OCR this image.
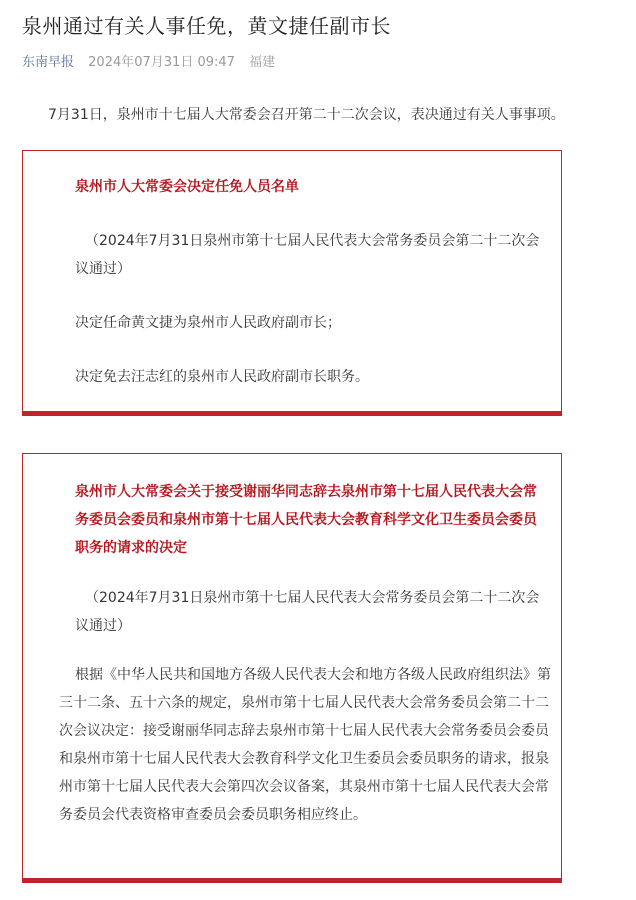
泉州通过有关人事任免，黄文捷任副市长
东南早报 2024年07月31日 09:47 福建
7月31日，泉州市十七届人大常委会召开第二十二次会议，表决通过有关人事事项。
泉州市人大常委会决定任免人员名单
（2024年7月31日泉州市第十七届人民代表大会常务委员会第二十二次会议通过）
决定任命黄文捷为泉州市人民政府副市长；
决定免去汪志红的泉州市人民政府副市长职务。
泉州市人大常委会关于接受谢丽华同志辞去泉州市第十七届人民代表大会常务委员会委员和泉州市第十七届人民代表大会教育科学文化卫生委员会委员职务的请求的决定
（2024年7月31日泉州市第十七届人民代表大会常务委员会第二十二次会议通过）
根据《中华人民共和国地方各级人民代表大会和地方各级人民政府组织法》第三十二条、五十六条的规定，泉州市第十七届人民代表大会常务委员会第二十二次会议决定：接受谢丽华同志辞去泉州市第十七届人民代表大会常务委员会委员和泉州市第十七届人民代表大会教育科学文化卫生委员会委员职务的请求，报泉州市第十七届人民代表大会第四次会议备案，其泉州市第十七届人民代表大会常务委员会代表资格审查委员会委员职务相应终止。
